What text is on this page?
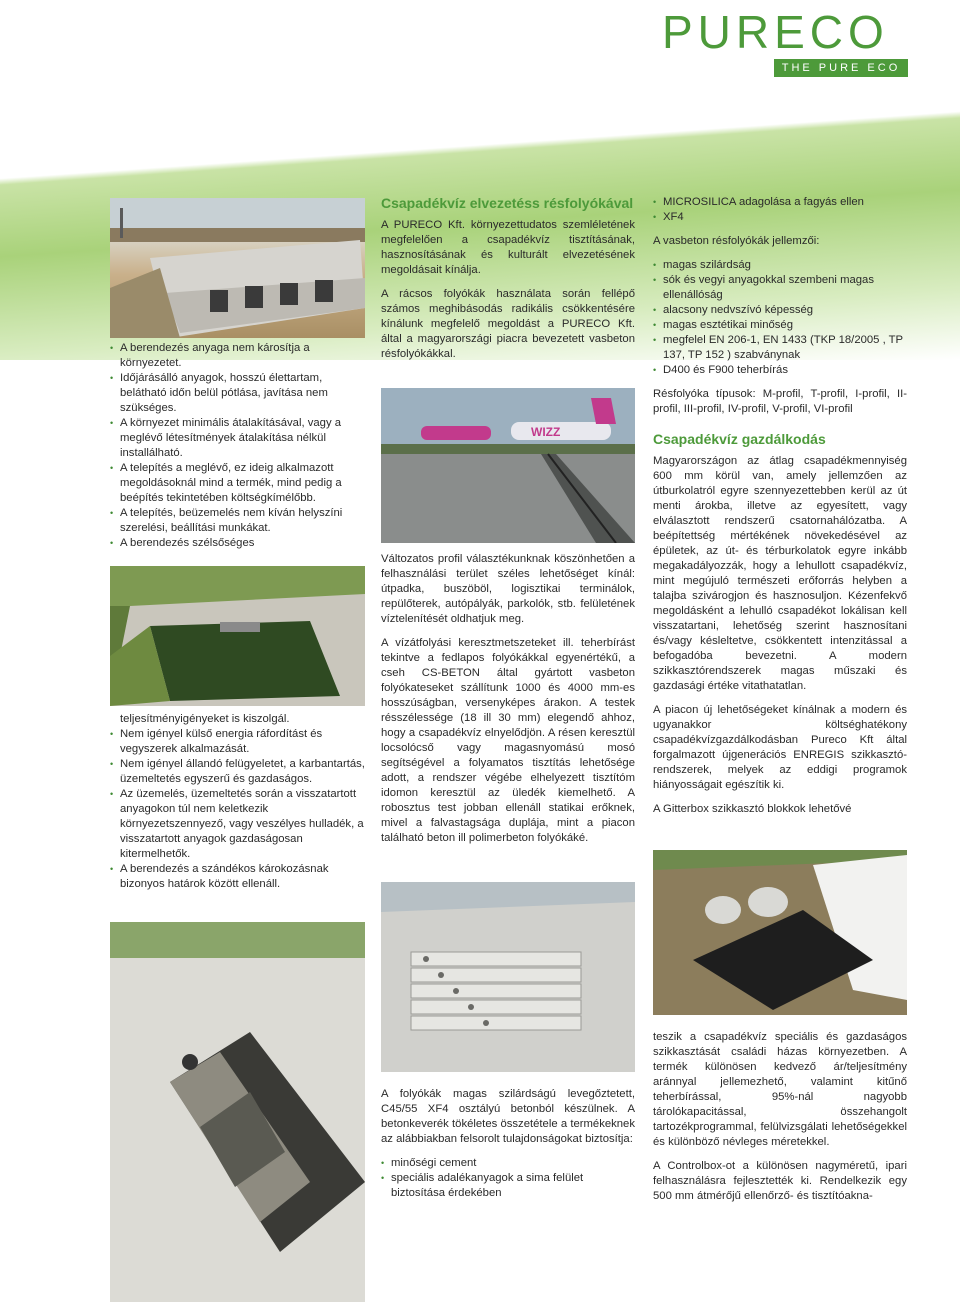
PURECO
THE PURE ECO
• A berendezés anyaga nem károsítja a környezetet.
• Időjárásálló anyagok, hosszú élettartam, belátható időn belül pótlása, javítása nem szükséges.
• A környezet minimális átalakításával, vagy a meglévő létesítmények átalakítása nélkül installálható.
• A telepítés a meglévő, ez ideig alkalmazott megoldásoknál mind a termék, mind pedig a beépítés tekintetében költségkímélőbb.
• A telepítés, beüzemelés nem kíván helyszíni szerelési, beállítási munkákat.
• A berendezés szélsőséges
teljesítményigényeket is kiszolgál.
• Nem igényel külső energia ráfordítást és vegyszerek alkalmazását.
• Nem igényel állandó felügyeletet, a karbantartás, üzemeltetés egyszerű és gazdaságos.
• Az üzemelés, üzemeltetés során a visszatartott anyagokon túl nem keletkezik környezetszennyező, vagy veszélyes hulladék, a visszatartott anyagok gazdaságosan kitermelhetők.
• A berendezés a szándékos károkozásnak bizonyos határok között ellenáll.
Csapadékvíz elvezetéss résfolyókával

A PURECO Kft. környezettudatos szemléletének megfelelően a csapadékvíz tisztításának, hasznosításának és kulturált elvezetésének megoldásait kínálja.

A rácsos folyókák használata során fellépő számos meghibásodás radikális csökkentésére kínálunk megfelelő megoldást a PURECO Kft. által a magyarországi piacra bevezetett vasbeton résfolyókákkal.

WIZZ

Változatos profil választékunknak köszönhetően a felhasználási terület széles lehetőséget kínál: útpadka, buszöböl, logisztikai terminálok, repülőterek, autópályák, parkolók, stb. felületének víztelenítését oldhatjuk meg.

A vízátfolyási keresztmetszeteket ill. teherbírást tekintve a fedlapos folyókákkal egyenértékű, a cseh CS-BETON által gyártott vasbeton folyókateseket szállítunk 1000 és 4000 mm-es hosszúságban, versenyképes árakon. A testek résszélessége (18 ill 30 mm) elegendő ahhoz, hogy a csapadékvíz elnyelődjön. A résen keresztül locsolócső vagy magasnyomású mosó segítségével a folyamatos tisztítás lehetősége adott, a rendszer végébe elhelyezett tisztítóm idomon keresztül az üledék kiemelhető. A robosztus test jobban ellenáll statikai erőknek, mivel a falvastagsága duplája, mint a piacon található beton ill polimerbeton folyókáké.

A folyókák magas szilárdságú levegőztetett, C45/55 XF4 osztályú betonból készülnek. A betonkeverék tökéletes összetétele a termékeknek az alábbiakban felsorolt tulajdonságokat biztosítja:

• minőségi cement
• speciális adalékanyagok a sima felület biztosítása érdekében
• MICROSILICA adagolása a fagyás ellen
• XF4

A vasbeton résfolyókák jellemzői:

• magas szilárdság
• sók és vegyi anyagokkal szembeni magas ellenállóság
• alacsony nedvszívó képesség
• magas esztétikai minőség
• megfelel EN 206-1, EN 1433 (TKP 18/2005 , TP 137, TP 152 ) szabványnak
• D400 és F900 teherbírás

Résfolyóka típusok: M-profil, T-profil, I-profil, II-profil, III-profil, IV-profil, V-profil, VI-profil

Csapadékvíz gazdálkodás

Magyarországon az átlag csapadékmennyiség 600 mm körül van, amely jellemzően az útburkolatról egyre szennyezettebben kerül az út menti árokba, illetve az egyesített, vagy elválasztott rendszerű csatornahálózatba. A beépítettség mértékének növekedésével az épületek, az út- és térburkolatok egyre inkább megakadályozzák, hogy a lehullott csapadékvíz, mint megújuló természeti erőforrás helyben a talajba szivárogjon és hasznosuljon. Kézenfekvő megoldásként a lehulló csapadékot lokálisan kell visszatartani, lehetőség szerint hasznosítani és/vagy késleltetve, csökkentett intenzitással a befogadóba bevezetni. A modern szikkasztórendszerek magas műszaki és gazdasági értéke vitathatatlan.

A piacon új lehetőségeket kínálnak a modern és ugyanakkor költséghatékony csapadékvízgazdálkodásban Pureco Kft által forgalmazott újgenerációs ENREGIS szikkasztó-rendszerek, melyek az eddigi programok hiányosságait egészítik ki.

A Gitterbox szikkasztó blokkok lehetővé

teszik a csapadékvíz speciális és gazdaságos szikkasztását családi házas környezetben. A termék különösen kedvező ár/teljesítmény aránnyal jellemezhető, valamint kitűnő teherbírással, 95%-nál nagyobb tárolókapacitással, összehangolt tartozékprogrammal, felülvizsgálati lehetőségekkel és különböző névleges méretekkel.

A Controlbox-ot a különösen nagyméretű, ipari felhasználásra fejlesztették ki. Rendelkezik egy 500 mm átmérőjű ellenőrző- és tisztítóakna-
